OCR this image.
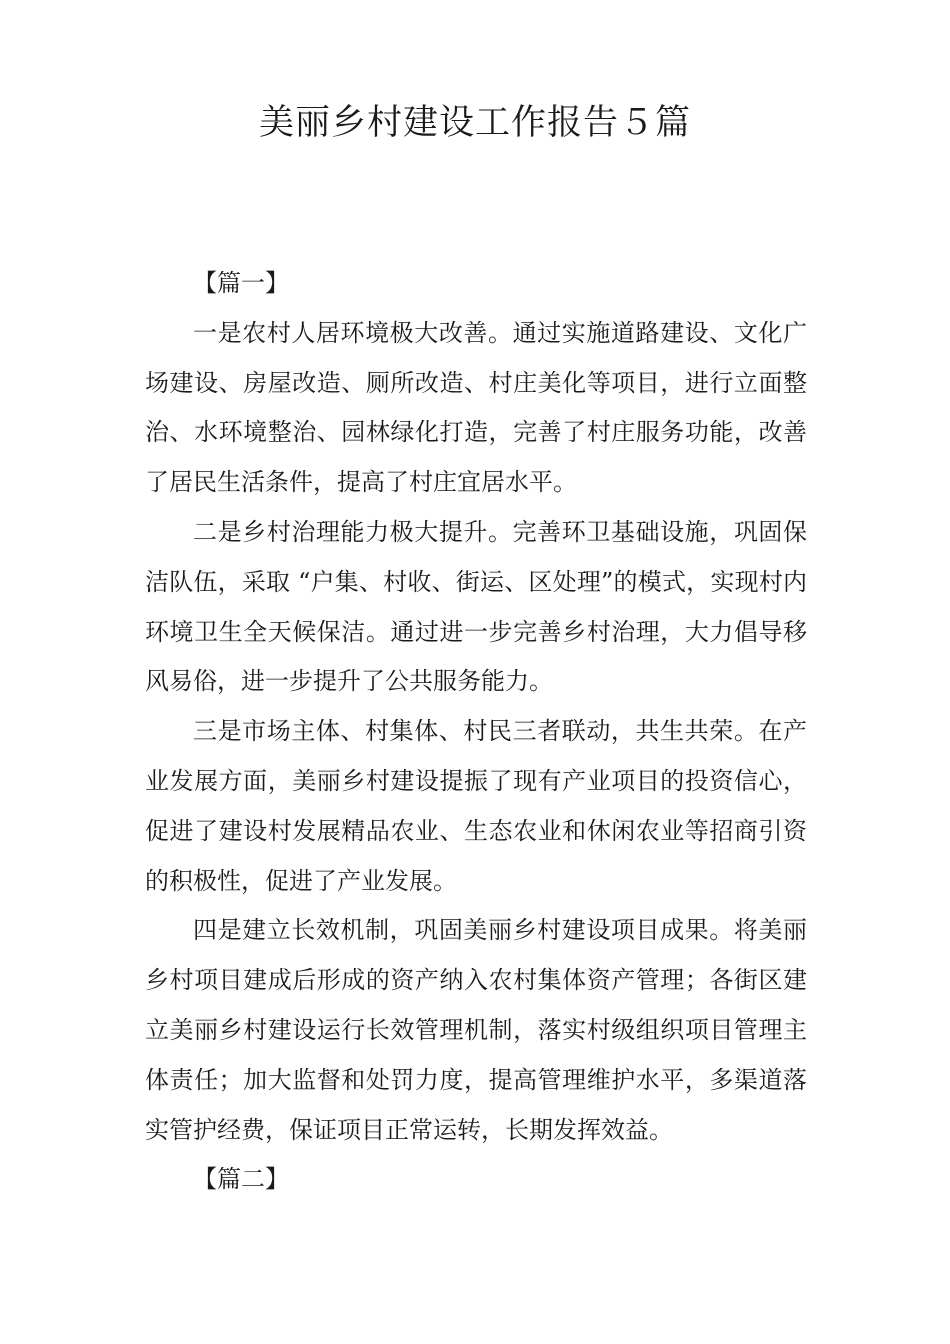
美丽乡村建设工作报告５篇
【篇一】

一是农村人居环境极大改善。通过实施道路建设、文化广场建设、房屋改造、厕所改造、村庄美化等项目，进行立面整治、水环境整治、园林绿化打造，完善了村庄服务功能，改善了居民生活条件，提高了村庄宜居水平。

二是乡村治理能力极大提升。完善环卫基础设施，巩固保洁队伍，采取 “户集、村收、街运、区处理”的模式，实现村内环境卫生全天候保洁。通过进一步完善乡村治理，大力倡导移风易俗，进一步提升了公共服务能力。

三是市场主体、村集体、村民三者联动，共生共荣。在产业发展方面，美丽乡村建设提振了现有产业项目的投资信心，促进了建设村发展精品农业、生态农业和休闲农业等招商引资的积极性，促进了产业发展。

四是建立长效机制，巩固美丽乡村建设项目成果。将美丽乡村项目建成后形成的资产纳入农村集体资产管理；各街区建立美丽乡村建设运行长效管理机制，落实村级组织项目管理主体责任；加大监督和处罚力度，提高管理维护水平，多渠道落实管护经费，保证项目正常运转，长期发挥效益。

【篇二】
